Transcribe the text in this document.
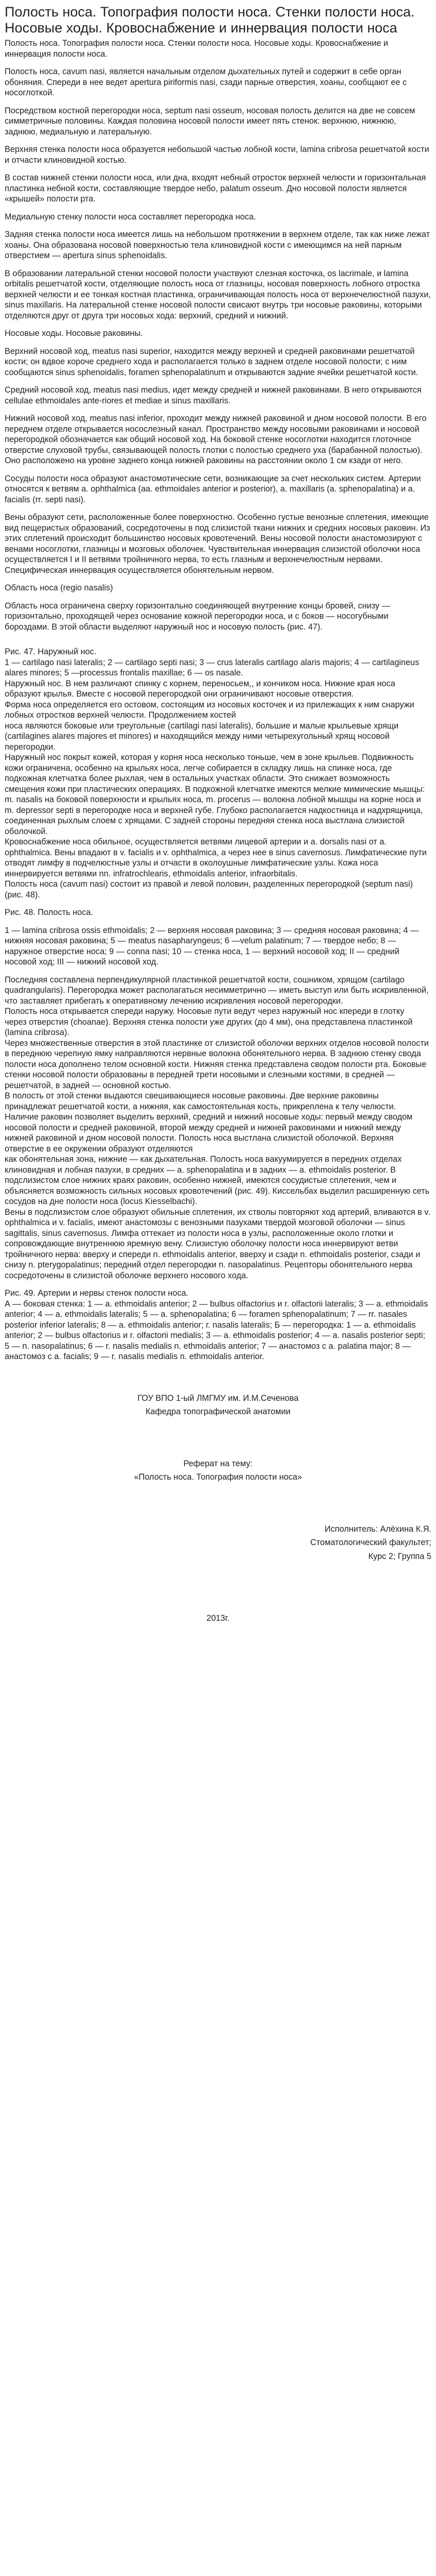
Полость носа. Топография полости носа. Стенки полости носа. Носовые ходы. Кровоснабжение и иннервация полости носа

Полость носа. Топография полости носа. Стенки полости носа. Носовые ходы. Кровоснабжение и иннервация полости носа.

Полость носа, cavum nasi, является начальным отделом дыхательных путей и содержит в себе орган обоняния. Спереди в нее ведет apertura piriformis nasi, сзади парные отверстия, хоаны, сообщают ее с носоглоткой.

Посредством костной перегородки носа, septum nasi osseum, носовая полость делится на две не совсем симметричные половины. Каждая половина носовой полости имеет пять стенок: верхнюю, нижнюю, заднюю, медиальную и латеральную.

Верхняя стенка полости носа образуется небольшой частью лобной кости, lamina cribrosa решетчатой кости и отчасти клиновидной костью.

В состав нижней стенки полости носа, или дна, входят небный отросток верхней челюсти и горизонтальная пластинка небной кости, составляющие твердое небо, palatum osseum. Дно носовой полости является «крышей» полости рта.

Медиальную стенку полости носа составляет перегородка носа.

Задняя стенка полости носа имеется лишь на небольшом протяжении в верхнем отделе, так как ниже лежат хоаны. Она образована носовой поверхностью тела клиновидной кости с имеющимся на ней парным отверстием — apertura sinus sphenoidalis.

В образовании латеральной стенки носовой полости участвуют слезная косточка, os lacrimale, и lamina orbitalis решетчатой кости, отделяющие полость носа от глазницы, носовая поверхность лобного отростка верхней челюсти и ее тонкая костная пластинка, ограничивающая полость носа от верхнечелюстной пазухи, sinus maxillaris. На латеральной стенке носовой полости свисают внутрь три носовые раковины, которыми отделяются друг от друга три носовых хода: верхний, средний и нижний.

Носовые ходы. Носовые раковины.

Верхний носовой ход, meatus nasi superior, находится между верхней и средней раковинами решетчатой кости; он вдвое короче среднего хода и располагается только в заднем отделе носовой полости; с ним сообщаются sinus sphenoidalis, foramen sphenopalatinum и открываются задние ячейки решетчатой кости.

Средний носовой ход, meatus nasi medius, идет между средней и нижней раковинами. В него открываются cellulae ethmoidales ante-riores et mediae и sinus maxillaris.

Нижний носовой ход, meatus nasi inferior, проходит между нижней раковиной и дном носовой полости. В его переднем отделе открывается носослезный канал. Пространство между носовыми раковинами и носовой перегородкой обозначается как общий носовой ход. На боковой стенке носоглотки находится глоточное отверстие слуховой трубы, связывающей полость глотки с полостью среднего уха (барабанной полостью). Оно расположено на уровне заднего конца нижней раковины на расстоянии около 1 см кзади от него.

Сосуды полости носа образуют анастомотические сети, возникающие за счет нескольких систем. Артерии относятся к ветвям a. ophthalmica (aa. ethmoidales anterior и posterior), a. maxillaris (a. sphenopalatina) и a. facialis (rr. septi nasi).

Вены образуют сети, расположенные более поверхностно. Особенно густые венозные сплетения, имеющие вид пещеристых образований, сосредоточены в под слизистой ткани нижних и средних носовых раковин. Из этих сплетений происходит большинство носовых кровотечений. Вены носовой полости анастомозируют с венами носоглотки, глазницы и мозговых оболочек. Чувствительная иннервация слизистой оболочки носа осуществляется I и II ветвями тройничного нерва, то есть глазным и верхнечелюстным нервами. Специфическая иннервация осуществляется обонятельным нервом.

Область носа (regio nasalis)

Область носа ограничена сверху горизонтально соединяющей внутренние концы бровей, снизу — горизонтально, проходящей через основание кожной перегородки носа, и с боков — носогубными бороздами. В этой области выделяют наружный нос и носовую полость (рис. 47).

Рис. 47. Наружный нос.

1 — cartilago nasi lateralis; 2 — cartilago septi nasi; 3 — crus lateralis cartilago alaris majoris; 4 — cartilagineus alares minores; 5 —processus frontalis maxillae; 6 — os nasale.

Наружный нос. В нем различают спинку с корнем, переносьем,, и кончиком носа. Нижние края носа образуют крылья. Вместе с носовой перегородкой они ограничивают носовые отверстия.

Форма носа определяется его остовом, состоящим из носовых косточек и из прилежащих к ним снаружи лобных отростков верхней челюсти. Продолжением костей

носа являются боковые или треугольные (cartilagi nasi lateralis), большие и малые крыльевые хрящи (cartilagines alares majores et minores) и находящийся между ними четырехугольный хрящ носовой перегородки.

Наружный нос покрыт кожей, которая у корня носа несколько тоньше, чем в зоне крыльев. Подвижность кожи ограничена, особенно на крыльях носа, легче собирается в складку лишь на спинке носа, где подкожная клетчатка более рыхлая, чем в остальных участках области. Это снижает возможность смещения кожи при пластических операциях. В подкожной клетчатке имеются мелкие мимические мышцы: m. nasalis на боковой поверхности и крыльях носа, m. procerus — волокна лобной мышцы на корне носа и m. depressor septi в перегородке носа и верхней губе. Глубоко располагается надкостница и надхрящница, соединенная рыхлым слоем с хрящами. С задней стороны передняя стенка носа выстлана слизистой оболочкой.

Кровоснабжение носа обильное, осуществляется ветвями лицевой артерии и a. dorsalis nasi от a. ophthalmica. Вены впадают в v. facialis и v. ophthalmica, а через нее в sinus cavernosus. Лимфатические пути отводят лимфу в подчелюстные узлы и отчасти в околоушные лимфатические узлы. Кожа носа иннервируется ветвями nn. infratrochlearis, ethmoidalis anterior, infraorbitalis.

Полость носа (cavum nasi) состоит из правой и левой половин, разделенных перегородкой (septum nasi) (рис. 48).

Рис. 48. Полость носа.

1 — lamina cribrosa ossis ethmoidalis; 2 — верхняя носовая раковина; 3 — средняя носовая раковина; 4 — нижняя носовая раковина; 5 — meatus nasapharyngeus; 6 —velum palatinum; 7 — твердое небо; 8 — наружное отверстие носа; 9 — conna nasi; 10 — стенка носа, 1 — верхний носовой ход; II — средний носовой ход; III — нижний носовой ход.

Последняя составлена перпендикулярной пластинкой решетчатой кости, сошником, хрящом (cartilago quadrangularis). Перегородка может располагаться несимметрично — иметь выступ или быть искривленной, что заставляет прибегать к оперативному лечению искривления носовой перегородки.

Полость носа открывается спереди наружу. Носовые пути ведут через наружный нос кпереди в глотку

через отверстия (choanae). Верхняя стенка полости уже других (до 4 мм), она представлена пластинкой (lamina cribrosa).

Через множественные отверстия в этой пластинке от слизистой оболочки верхних отделов носовой полости в переднюю черепную ямку направляются нервные волокна обонятельного нерва. В заднюю стенку свода полости носа дополнено телом основной кости. Нижняя стенка представлена сводом полости рта. Боковые стенки носовой полости образованы в передней трети носовыми и слезными костями, в средней — решетчатой, в задней — основной костью.

В полость от этой стенки выдаются свешивающиеся носовые раковины. Две верхние раковины принадлежат решетчатой кости, а нижняя, как самостоятельная кость, прикреплена к телу челюсти. Наличие раковин позволяет выделить верхний, средний и нижний носовые ходы: первый между сводом носовой полости и средней раковиной, второй между средней и нижней раковинами и нижний между нижней раковиной и дном носовой полости. Полость носа выстлана слизистой оболочкой. Верхняя отверстие в ее окружении образуют отделяются

как обонятельная зона, нижние — как дыхательная. Полость носа вакуумируется в передних отделах клиновидная и лобная пазухи, в средних — a. sphenopalatina и в задних — a. ethmoidalis posterior. В подслизистом слое нижних краях раковин, особенно нижней, имеются сосудистые сплетения, чем и объясняется возможность сильных носовых кровотечений (рис. 49). Киссельбах выделил расширенную сеть сосудов на дне полости носа (locus Kiesselbachi).

Вены в подслизистом слое образуют обильные сплетения, их стволы повторяют ход артерий, вливаются в v. ophthalmica и v. facialis, имеют анастомозы с венозными пазухами твердой мозговой оболочки — sinus sagittalis, sinus cavernosus. Лимфа оттекает из полости носа в узлы, расположенные около глотки и сопровождающие внутреннюю яремную вену. Слизистую оболочку полости носа иннервируют ветви тройничного нерва: вверху и спереди n. ethmoidalis anterior, вверху и сзади n. ethmoidalis posterior, сзади и снизу n. pterygopalatinus; передний отдел перегородки n. nasopalatinus. Рецепторы обонятельного нерва сосредоточены в слизистой оболочке верхнего носового хода.

Рис. 49. Артерии и нервы стенок полости носа.

А — боковая стенка: 1 — a. ethmoidalis anterior; 2 — bulbus olfactorius и r. olfactorii lateralis; 3 — a. ethmoidalis anterior; 4 — a. ethmoidalis lateralis; 5 — a. sphenopalatina; 6 — foramen sphenopalatinum; 7 — rr. nasales posterior inferior lateralis; 8 — a. ethmoidalis anterior; г. nasalis lateralis; Б — перегородка: 1 — a. ethmoidalis anterior; 2 — bulbus olfactorius и r. olfactorii medialis; 3 — a. ethmoidalis posterior; 4 — a. nasalis posterior septi; 5 — n. nasopalatinus; 6 — r. nasalis medialis n. ethmoidalis anterior; 7 — анастомоз с a. palatina major; 8 — анастомоз с a. facialis; 9 — r. nasalis medialis n. ethmoidalis anterior.

ГОУ ВПО 1-ый ЛМГМУ им. И.М.Сеченова

Кафедра топографической анатомии

Реферат на тему:

«Полость носа. Топография полости носа»

Исполнитель: Алёхина К.Я.

Стоматологический факультет;

Курс 2; Группа 5

2013г.
